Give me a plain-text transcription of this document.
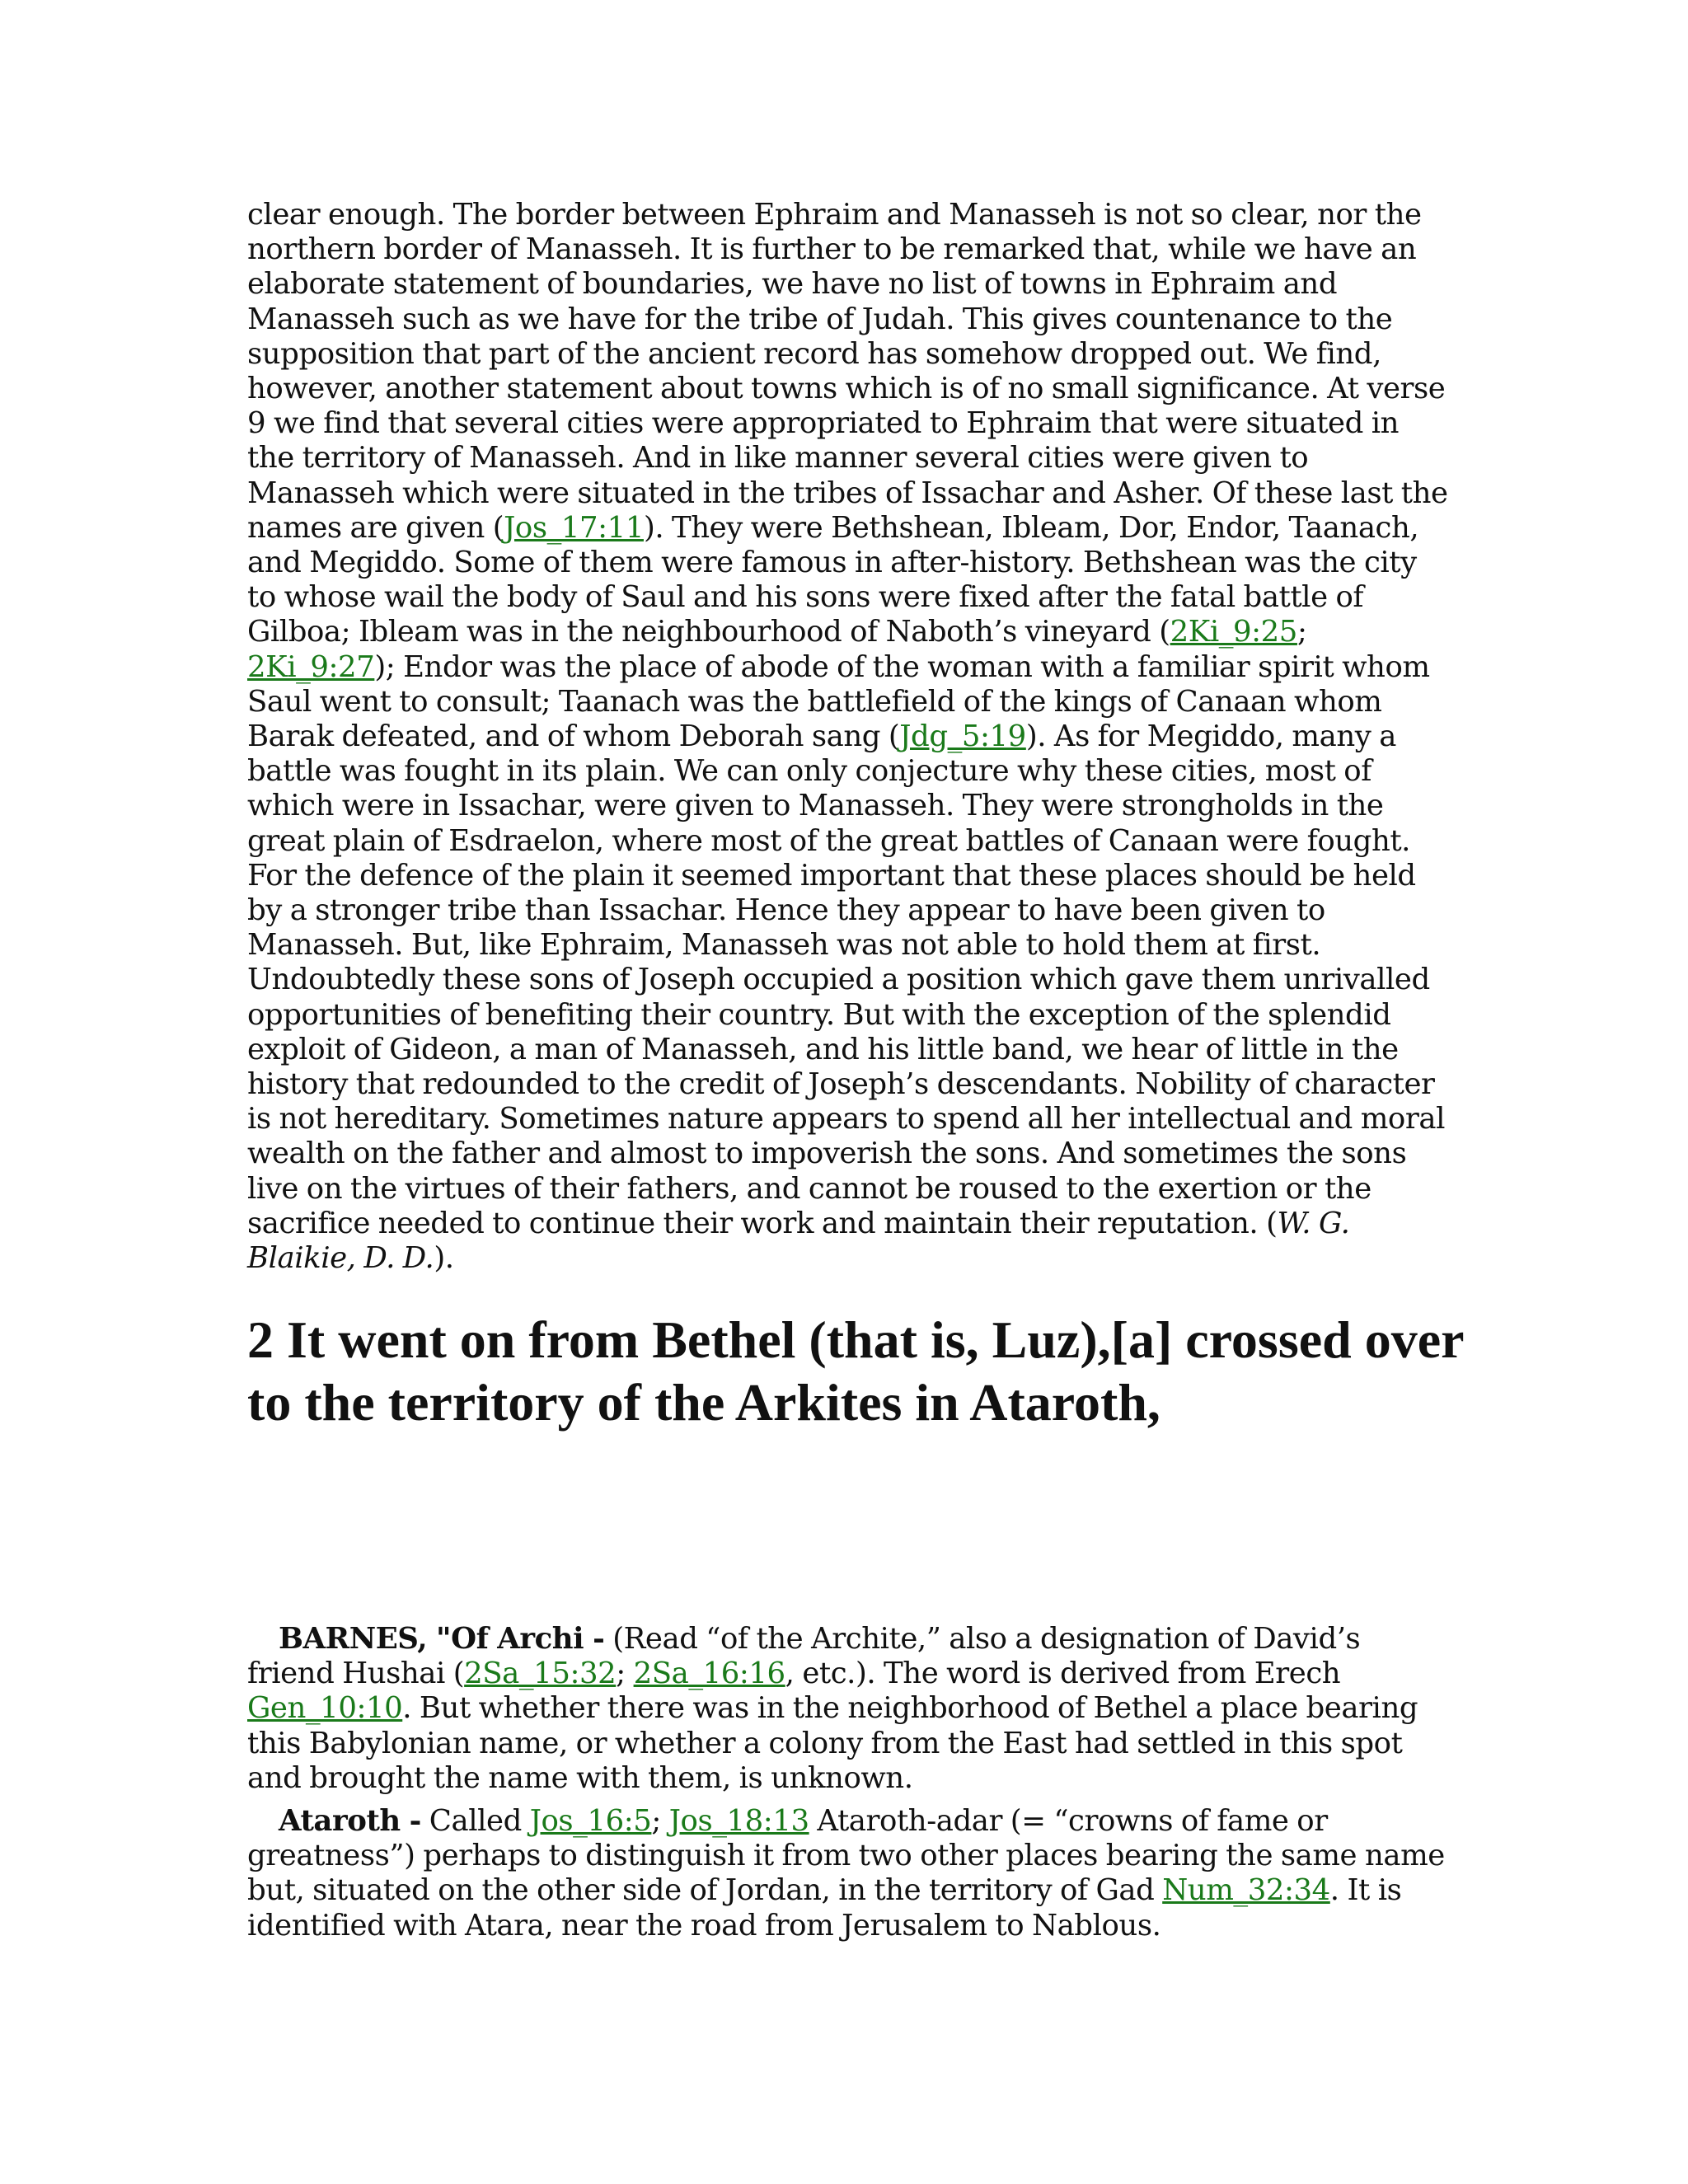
clear enough. The border between Ephraim and Manasseh is not so clear, nor the northern border of Manasseh. It is further to be remarked that, while we have an elaborate statement of boundaries, we have no list of towns in Ephraim and Manasseh such as we have for the tribe of Judah. This gives countenance to the supposition that part of the ancient record has somehow dropped out. We find, however, another statement about towns which is of no small significance. At verse 9 we find that several cities were appropriated to Ephraim that were situated in the territory of Manasseh. And in like manner several cities were given to Manasseh which were situated in the tribes of Issachar and Asher. Of these last the names are given (Jos_17:11). They were Bethshean, Ibleam, Dor, Endor, Taanach, and Megiddo. Some of them were famous in after-history. Bethshean was the city to whose wail the body of Saul and his sons were fixed after the fatal battle of Gilboa; Ibleam was in the neighbourhood of Naboth’s vineyard (2Ki_9:25; 2Ki_9:27); Endor was the place of abode of the woman with a familiar spirit whom Saul went to consult; Taanach was the battlefield of the kings of Canaan whom Barak defeated, and of whom Deborah sang (Jdg_5:19). As for Megiddo, many a battle was fought in its plain. We can only conjecture why these cities, most of which were in Issachar, were given to Manasseh. They were strongholds in the great plain of Esdraelon, where most of the great battles of Canaan were fought. For the defence of the plain it seemed important that these places should be held by a stronger tribe than Issachar. Hence they appear to have been given to Manasseh. But, like Ephraim, Manasseh was not able to hold them at first. Undoubtedly these sons of Joseph occupied a position which gave them unrivalled opportunities of benefiting their country. But with the exception of the splendid exploit of Gideon, a man of Manasseh, and his little band, we hear of little in the history that redounded to the credit of Joseph’s descendants. Nobility of character is not hereditary. Sometimes nature appears to spend all her intellectual and moral wealth on the father and almost to impoverish the sons. And sometimes the sons live on the virtues of their fathers, and cannot be roused to the exertion or the sacrifice needed to continue their work and maintain their reputation. (W. G. Blaikie, D. D.).

2 It went on from Bethel (that is, Luz),[a] crossed over to the territory of the Arkites in Ataroth,

BARNES, "Of Archi - (Read “of the Archite,” also a designation of David’s friend Hushai (2Sa_15:32; 2Sa_16:16, etc.). The word is derived from Erech Gen_10:10. But whether there was in the neighborhood of Bethel a place bearing this Babylonian name, or whether a colony from the East had settled in this spot and brought the name with them, is unknown.

Ataroth - Called Jos_16:5; Jos_18:13 Ataroth-adar (= “crowns of fame or greatness”) perhaps to distinguish it from two other places bearing the same name but, situated on the other side of Jordan, in the territory of Gad Num_32:34. It is identified with Atara, near the road from Jerusalem to Nablous.
